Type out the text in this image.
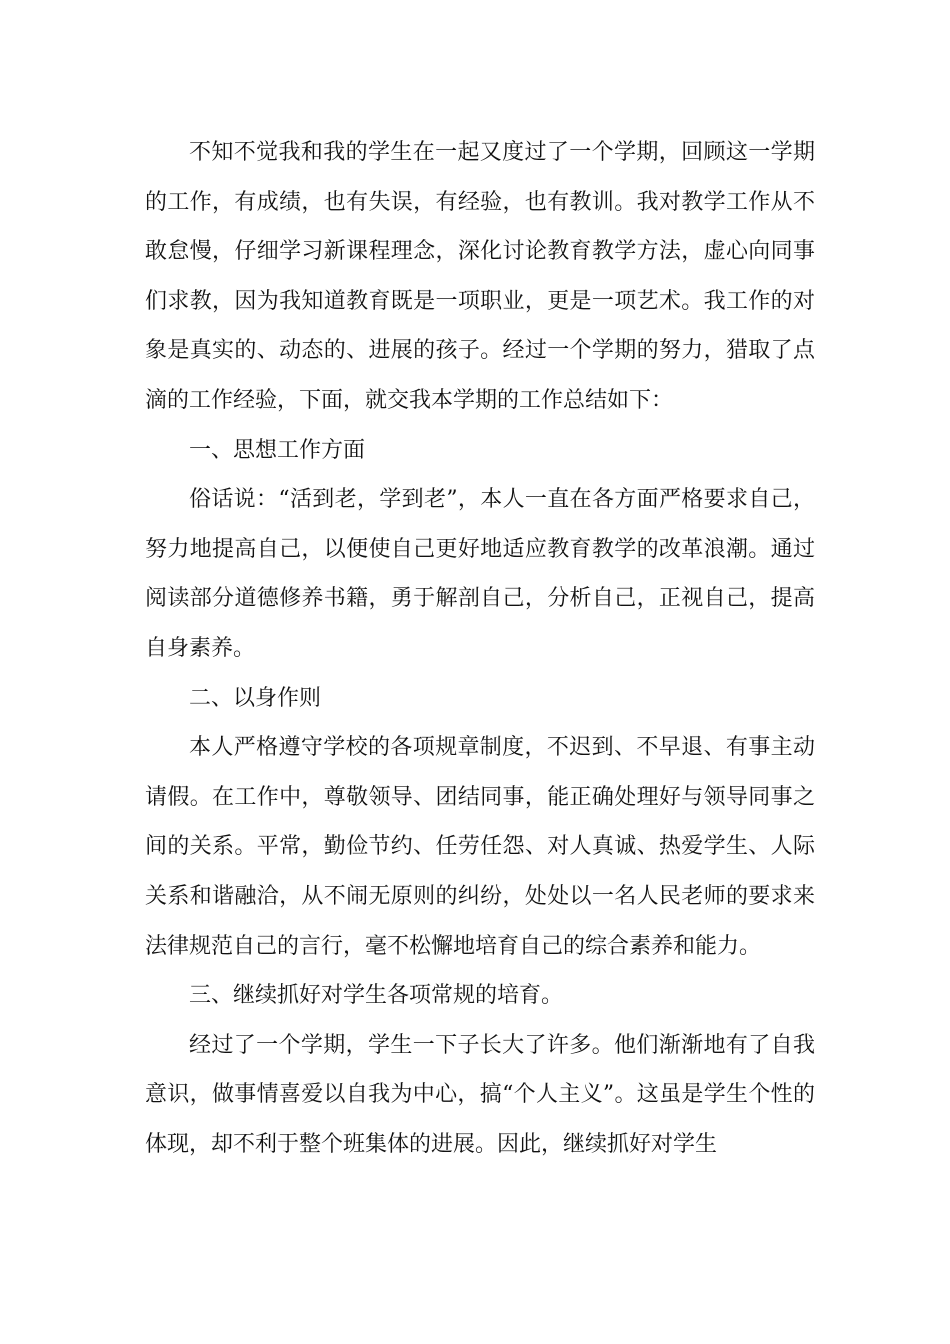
不知不觉我和我的学生在一起又度过了一个学期，回顾这一学期的工作，有成绩，也有失误，有经验，也有教训。我对教学工作从不敢怠慢，仔细学习新课程理念，深化讨论教育教学方法，虚心向同事们求教，因为我知道教育既是一项职业，更是一项艺术。我工作的对象是真实的、动态的、进展的孩子。经过一个学期的努力，猎取了点滴的工作经验，下面，就交我本学期的工作总结如下：

一、思想工作方面

俗话说：“活到老，学到老”，本人一直在各方面严格要求自己，努力地提高自己，以便使自己更好地适应教育教学的改革浪潮。通过阅读部分道德修养书籍，勇于解剖自己，分析自己，正视自己，提高自身素养。

二、以身作则

本人严格遵守学校的各项规章制度，不迟到、不早退、有事主动请假。在工作中，尊敬领导、团结同事，能正确处理好与领导同事之间的关系。平常，勤俭节约、任劳任怨、对人真诚、热爱学生、人际关系和谐融洽，从不闹无原则的纠纷，处处以一名人民老师的要求来法律规范自己的言行，毫不松懈地培育自己的综合素养和能力。

三、继续抓好对学生各项常规的培育。

经过了一个学期，学生一下子长大了许多。他们渐渐地有了自我意识，做事情喜爱以自我为中心，搞“个人主义”。这虽是学生个性的体现，却不利于整个班集体的进展。因此，继续抓好对学生
